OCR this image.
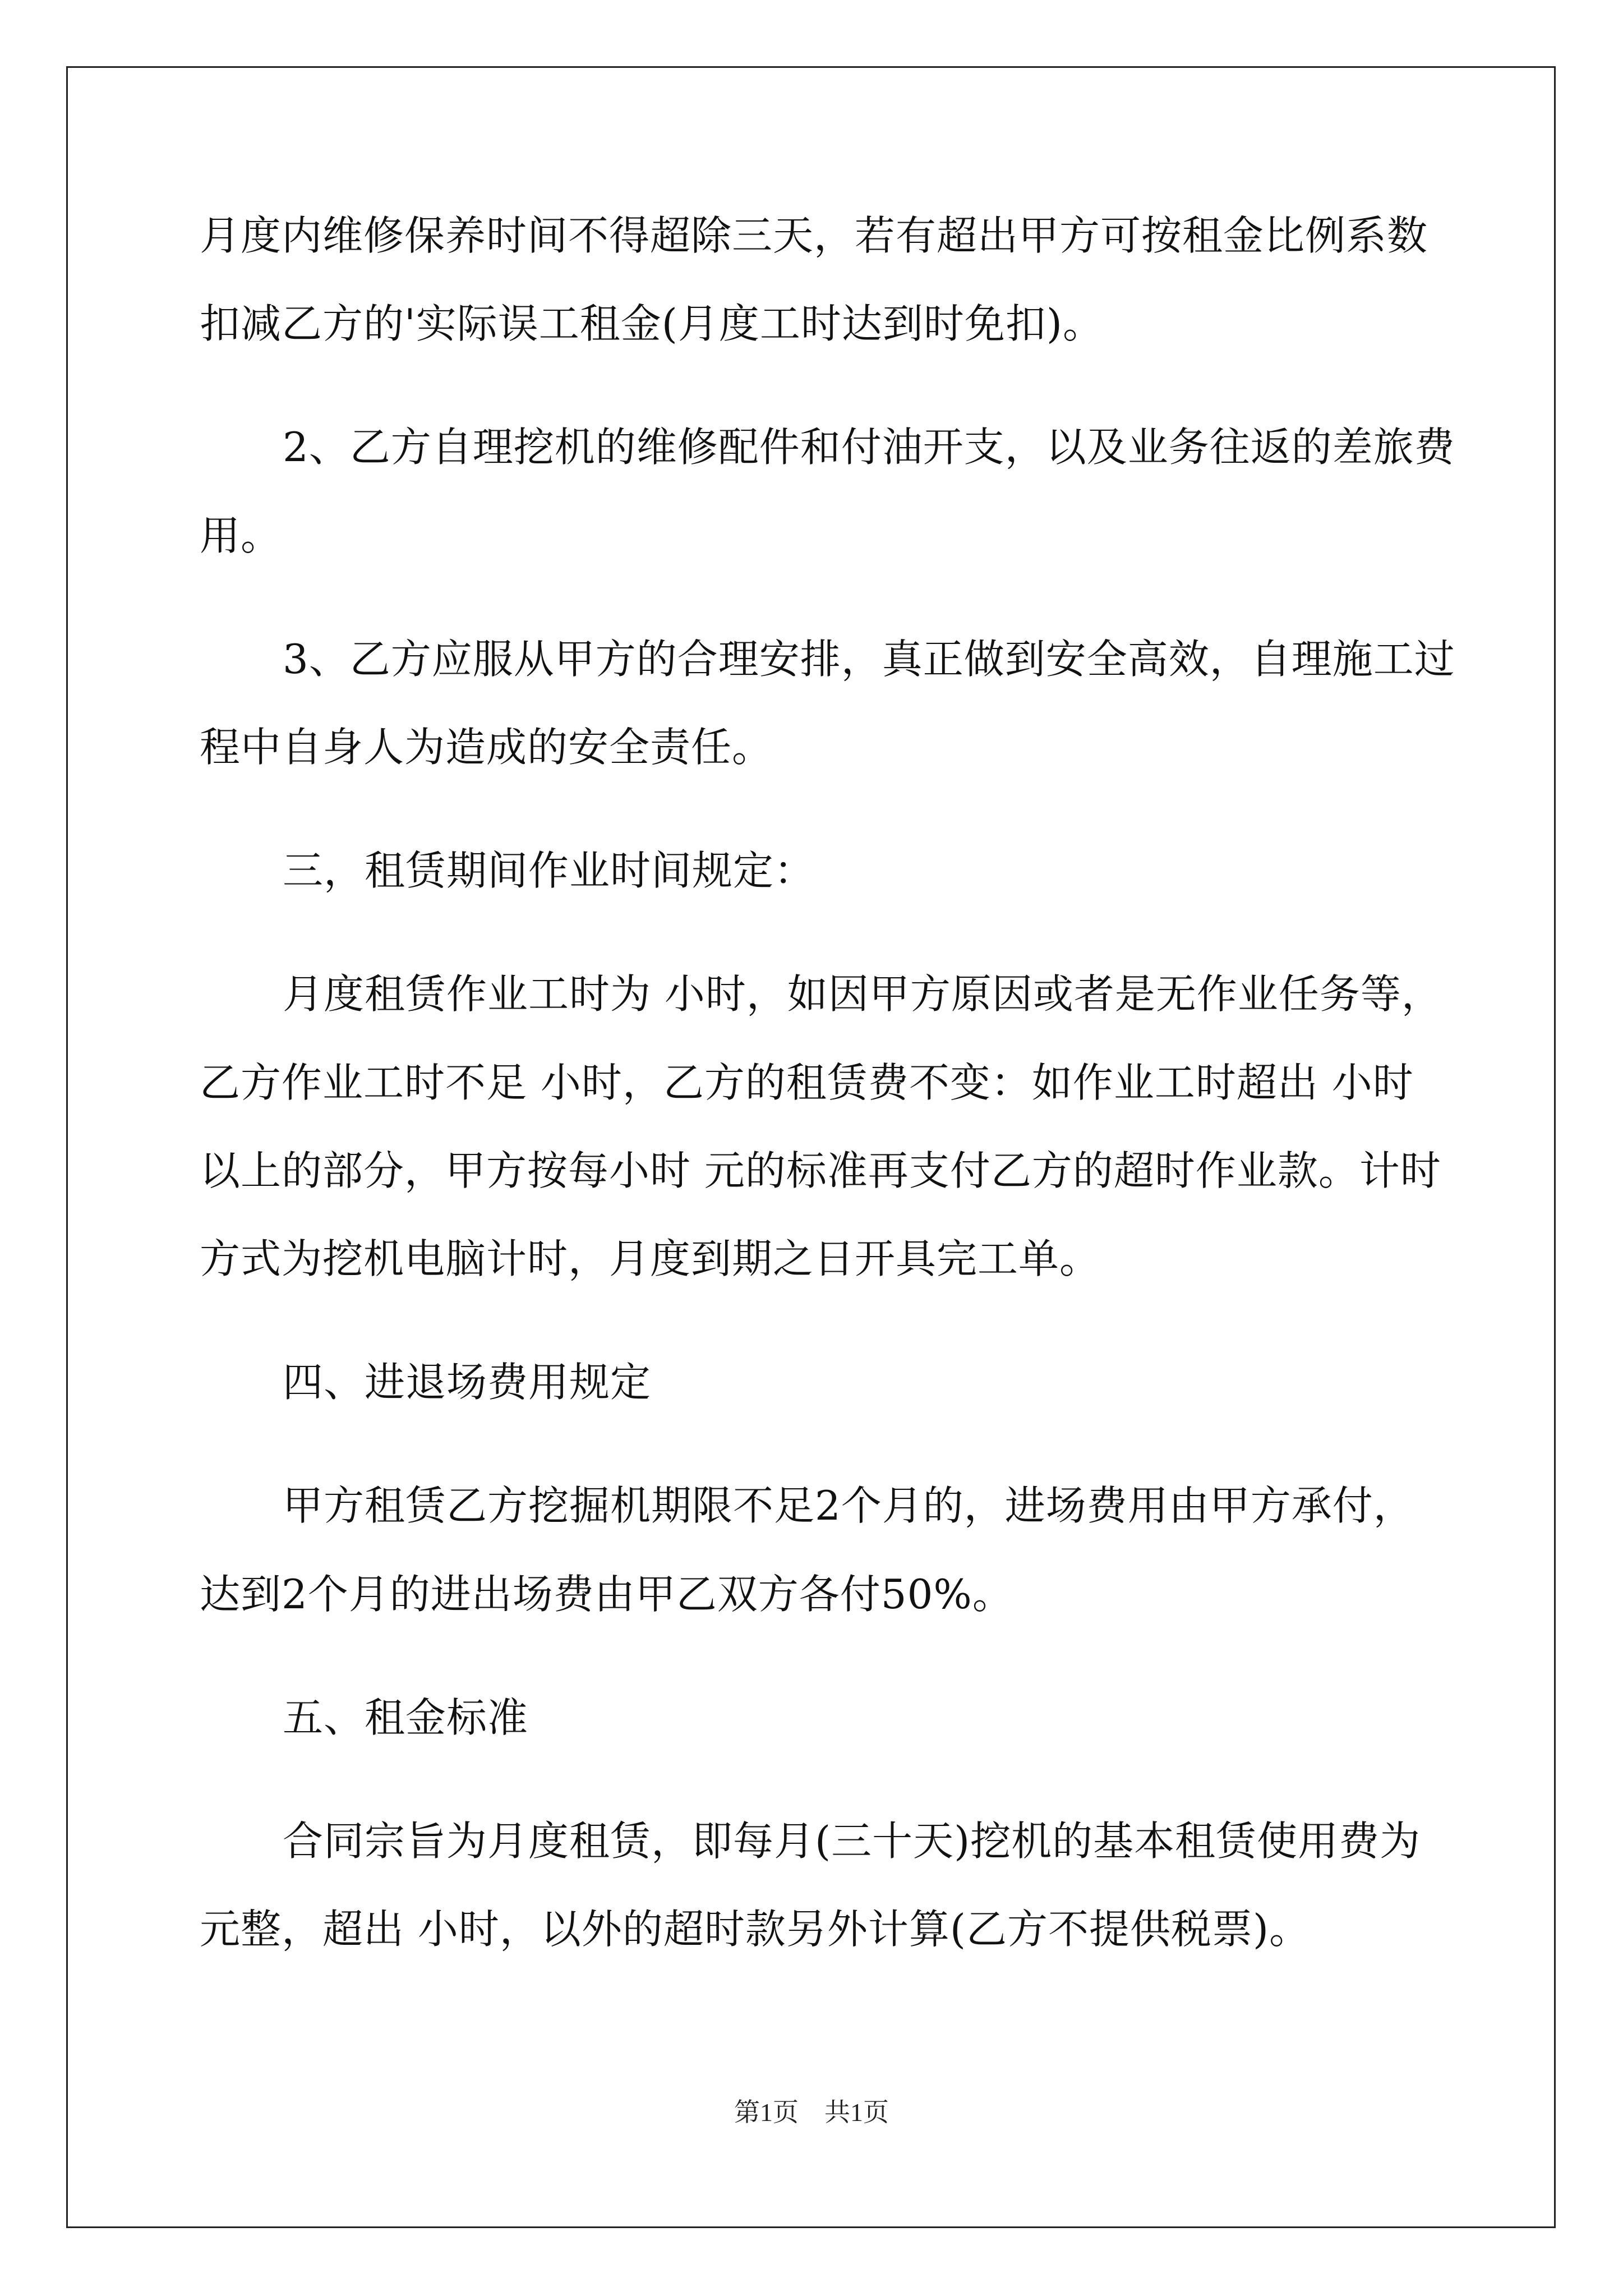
月度内维修保养时间不得超除三天，若有超出甲方可按租金比例系数
扣减乙方的'实际误工租金(月度工时达到时免扣)。
2、乙方自理挖机的维修配件和付油开支，以及业务往返的差旅费
用。
3、乙方应服从甲方的合理安排，真正做到安全高效，自理施工过
程中自身人为造成的安全责任。
三，租赁期间作业时间规定：
月度租赁作业工时为 小时，如因甲方原因或者是无作业任务等，
乙方作业工时不足 小时，乙方的租赁费不变：如作业工时超出 小时
以上的部分，甲方按每小时 元的标准再支付乙方的超时作业款。计时
方式为挖机电脑计时，月度到期之日开具完工单。
四、进退场费用规定
甲方租赁乙方挖掘机期限不足2个月的，进场费用由甲方承付，
达到2个月的进出场费由甲乙双方各付50%。
五、租金标准
合同宗旨为月度租赁，即每月(三十天)挖机的基本租赁使用费为
元整，超出 小时，以外的超时款另外计算(乙方不提供税票)。
第1页　共1页
